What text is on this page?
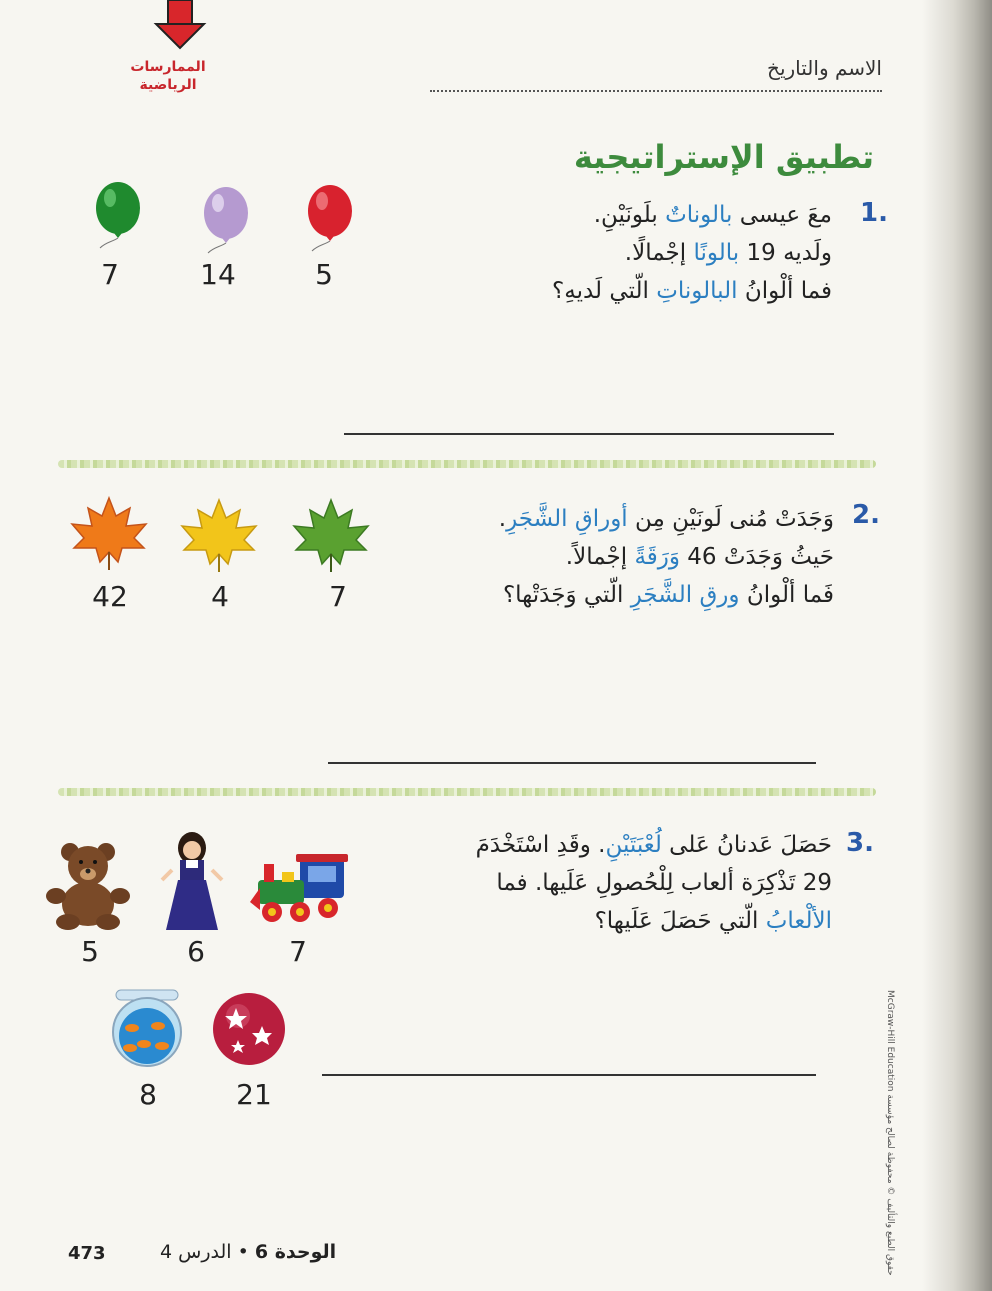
الممارسات
الرياضية
الاسم والتاريخ
تطبيق الإستراتيجية
1.
معَ عيسى بالوناتٌ بلَونَيْنِ.
ولَديه 19 بالونًا إجْمالًا.
فما ألْوانُ البالوناتِ الّتي لَديهِ؟
7	14	5
2.
وَجَدَتْ مُنى لَونَيْنِ مِن أوراقِ الشَّجَرِ.
حَيثُ وَجَدَتْ 46 وَرَقَةً إجْمالاً.
فَما ألْوانُ ورقِ الشَّجَرِ الّتي وَجَدَتْها؟
42	4	7
3.
حَصَلَ عَدنانُ عَلى لُعْبَتَيْنِ. وقَدِ اسْتَخْدَمَ
29 تَذْكِرَة ألعاب لِلْحُصولِ عَلَيها. فما
الألْعابُ الّتي حَصَلَ عَلَيها؟
5	6	7
8	21
473	الوحدة 6 • الدرس 4
McGraw-Hill Education حقوق الطبع والتأليف © محفوظة لصالح مؤسسة
